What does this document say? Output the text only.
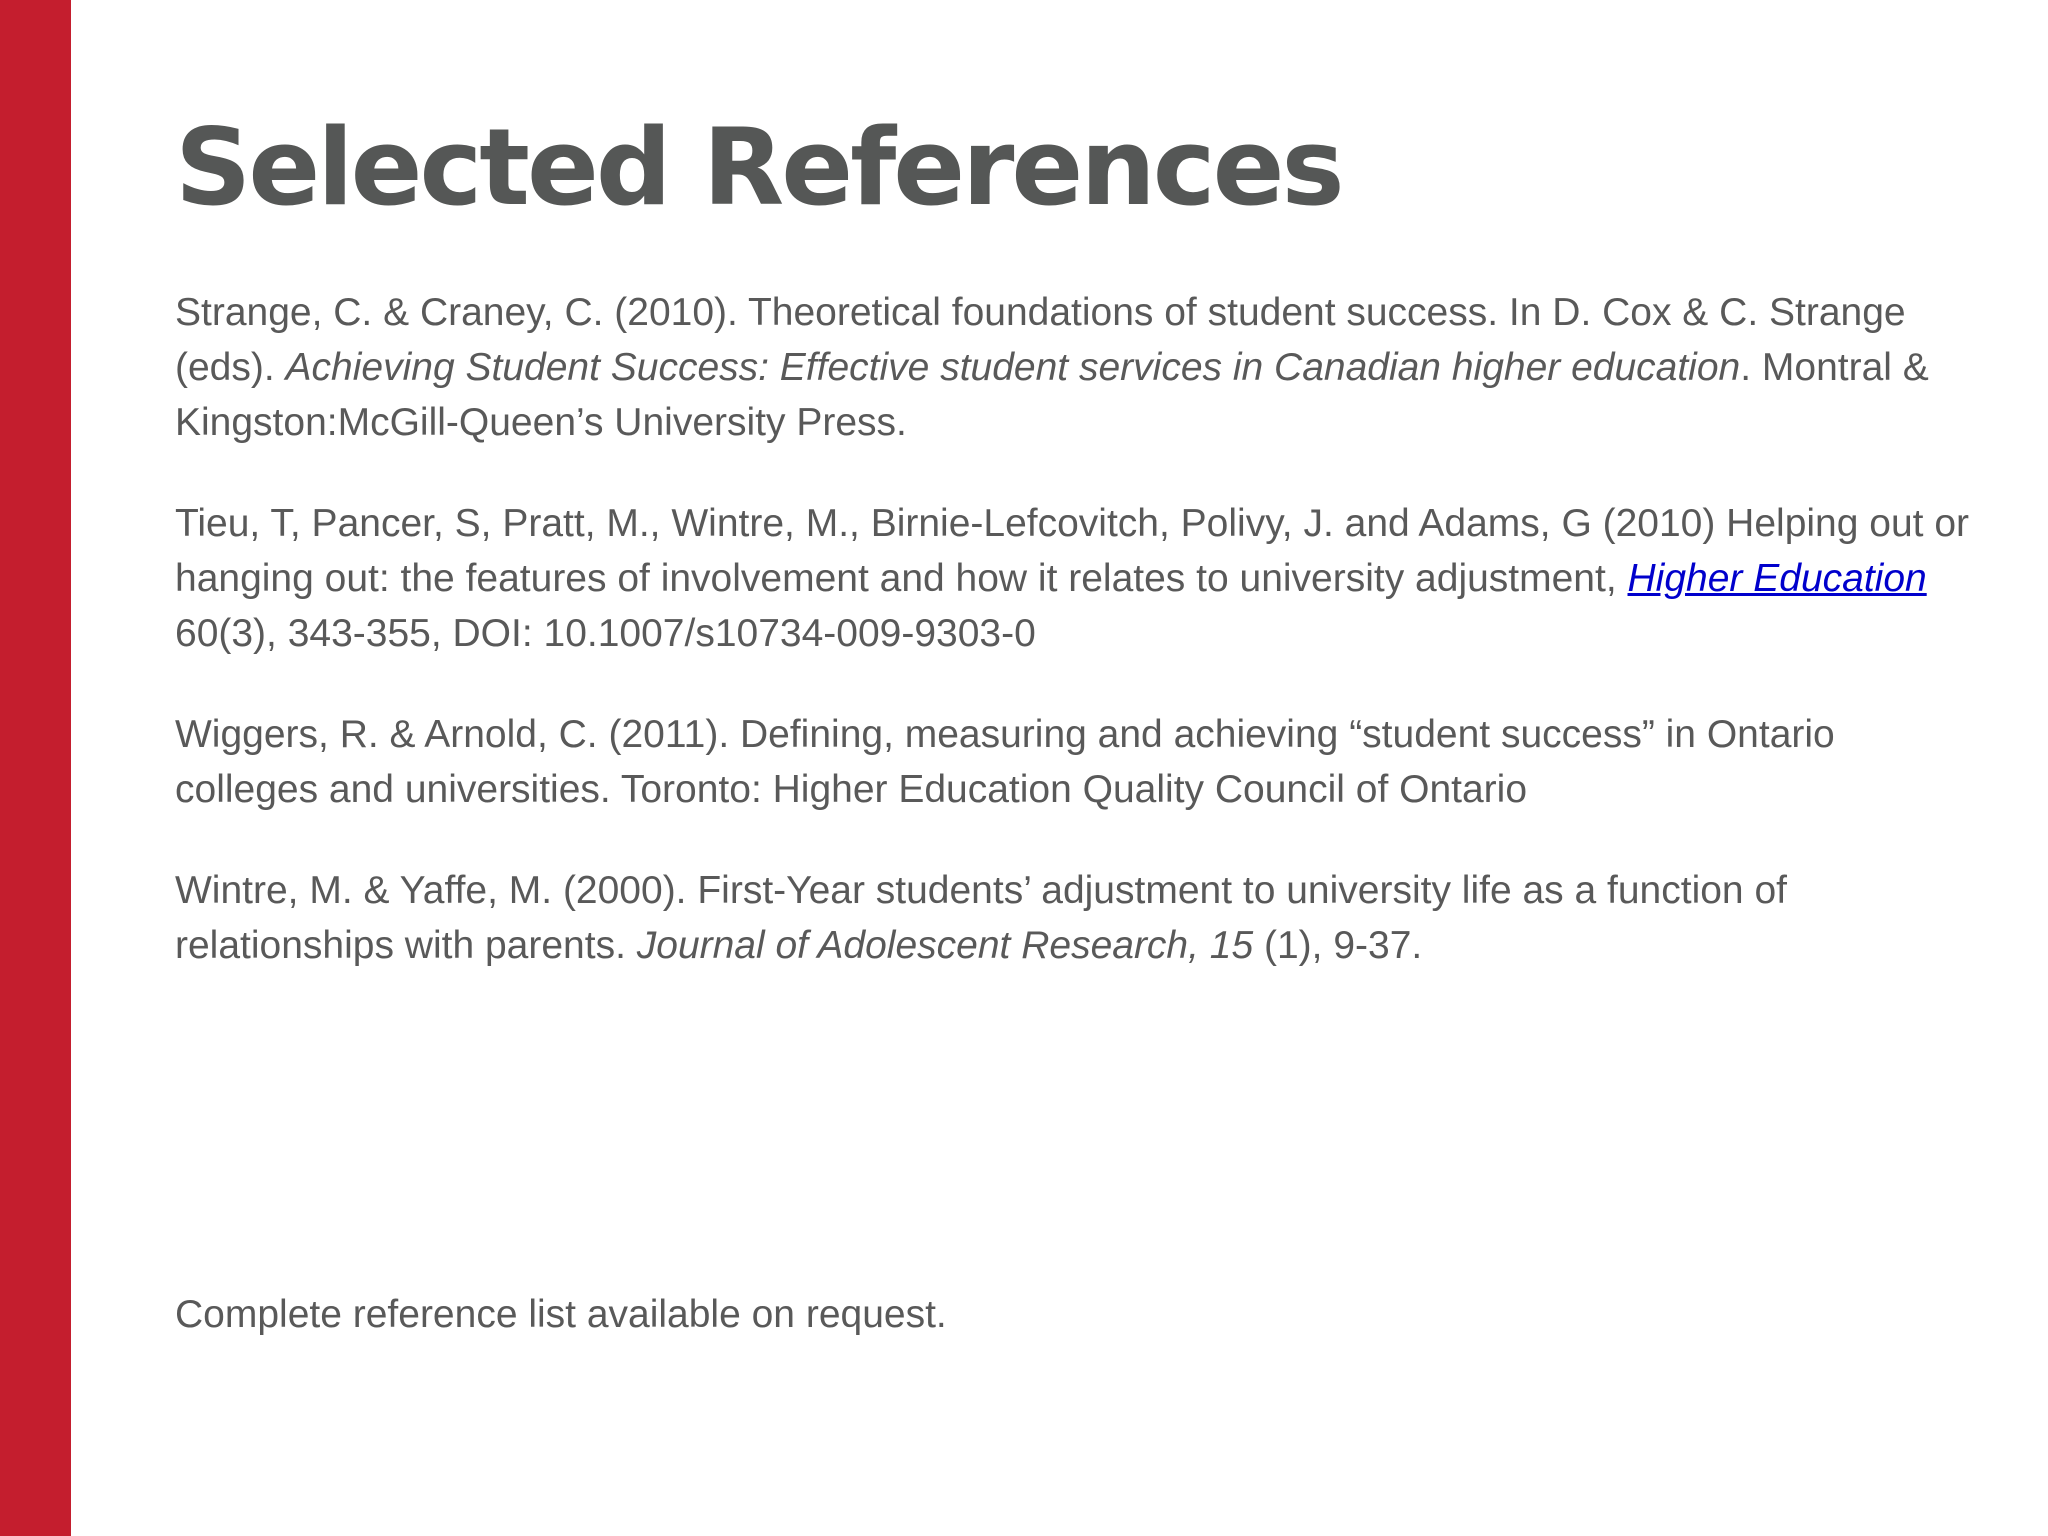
Selected References

Strange, C. & Craney, C. (2010). Theoretical foundations of student success. In D. Cox & C. Strange (eds). Achieving Student Success: Effective student services in Canadian higher education. Montral & Kingston:McGill-Queen’s University Press.

Tieu, T, Pancer, S, Pratt, M., Wintre, M., Birnie-Lefcovitch, Polivy, J. and Adams, G (2010) Helping out or hanging out: the features of involvement and how it relates to university adjustment, Higher Education 60(3), 343-355, DOI: 10.1007/s10734-009-9303-0

Wiggers, R. & Arnold, C. (2011). Defining, measuring and achieving “student success” in Ontario colleges and universities. Toronto: Higher Education Quality Council of Ontario

Wintre, M. & Yaffe, M. (2000). First-Year students’ adjustment to university life as a function of relationships with parents. Journal of Adolescent Research, 15 (1), 9-37.

Complete reference list available on request.
